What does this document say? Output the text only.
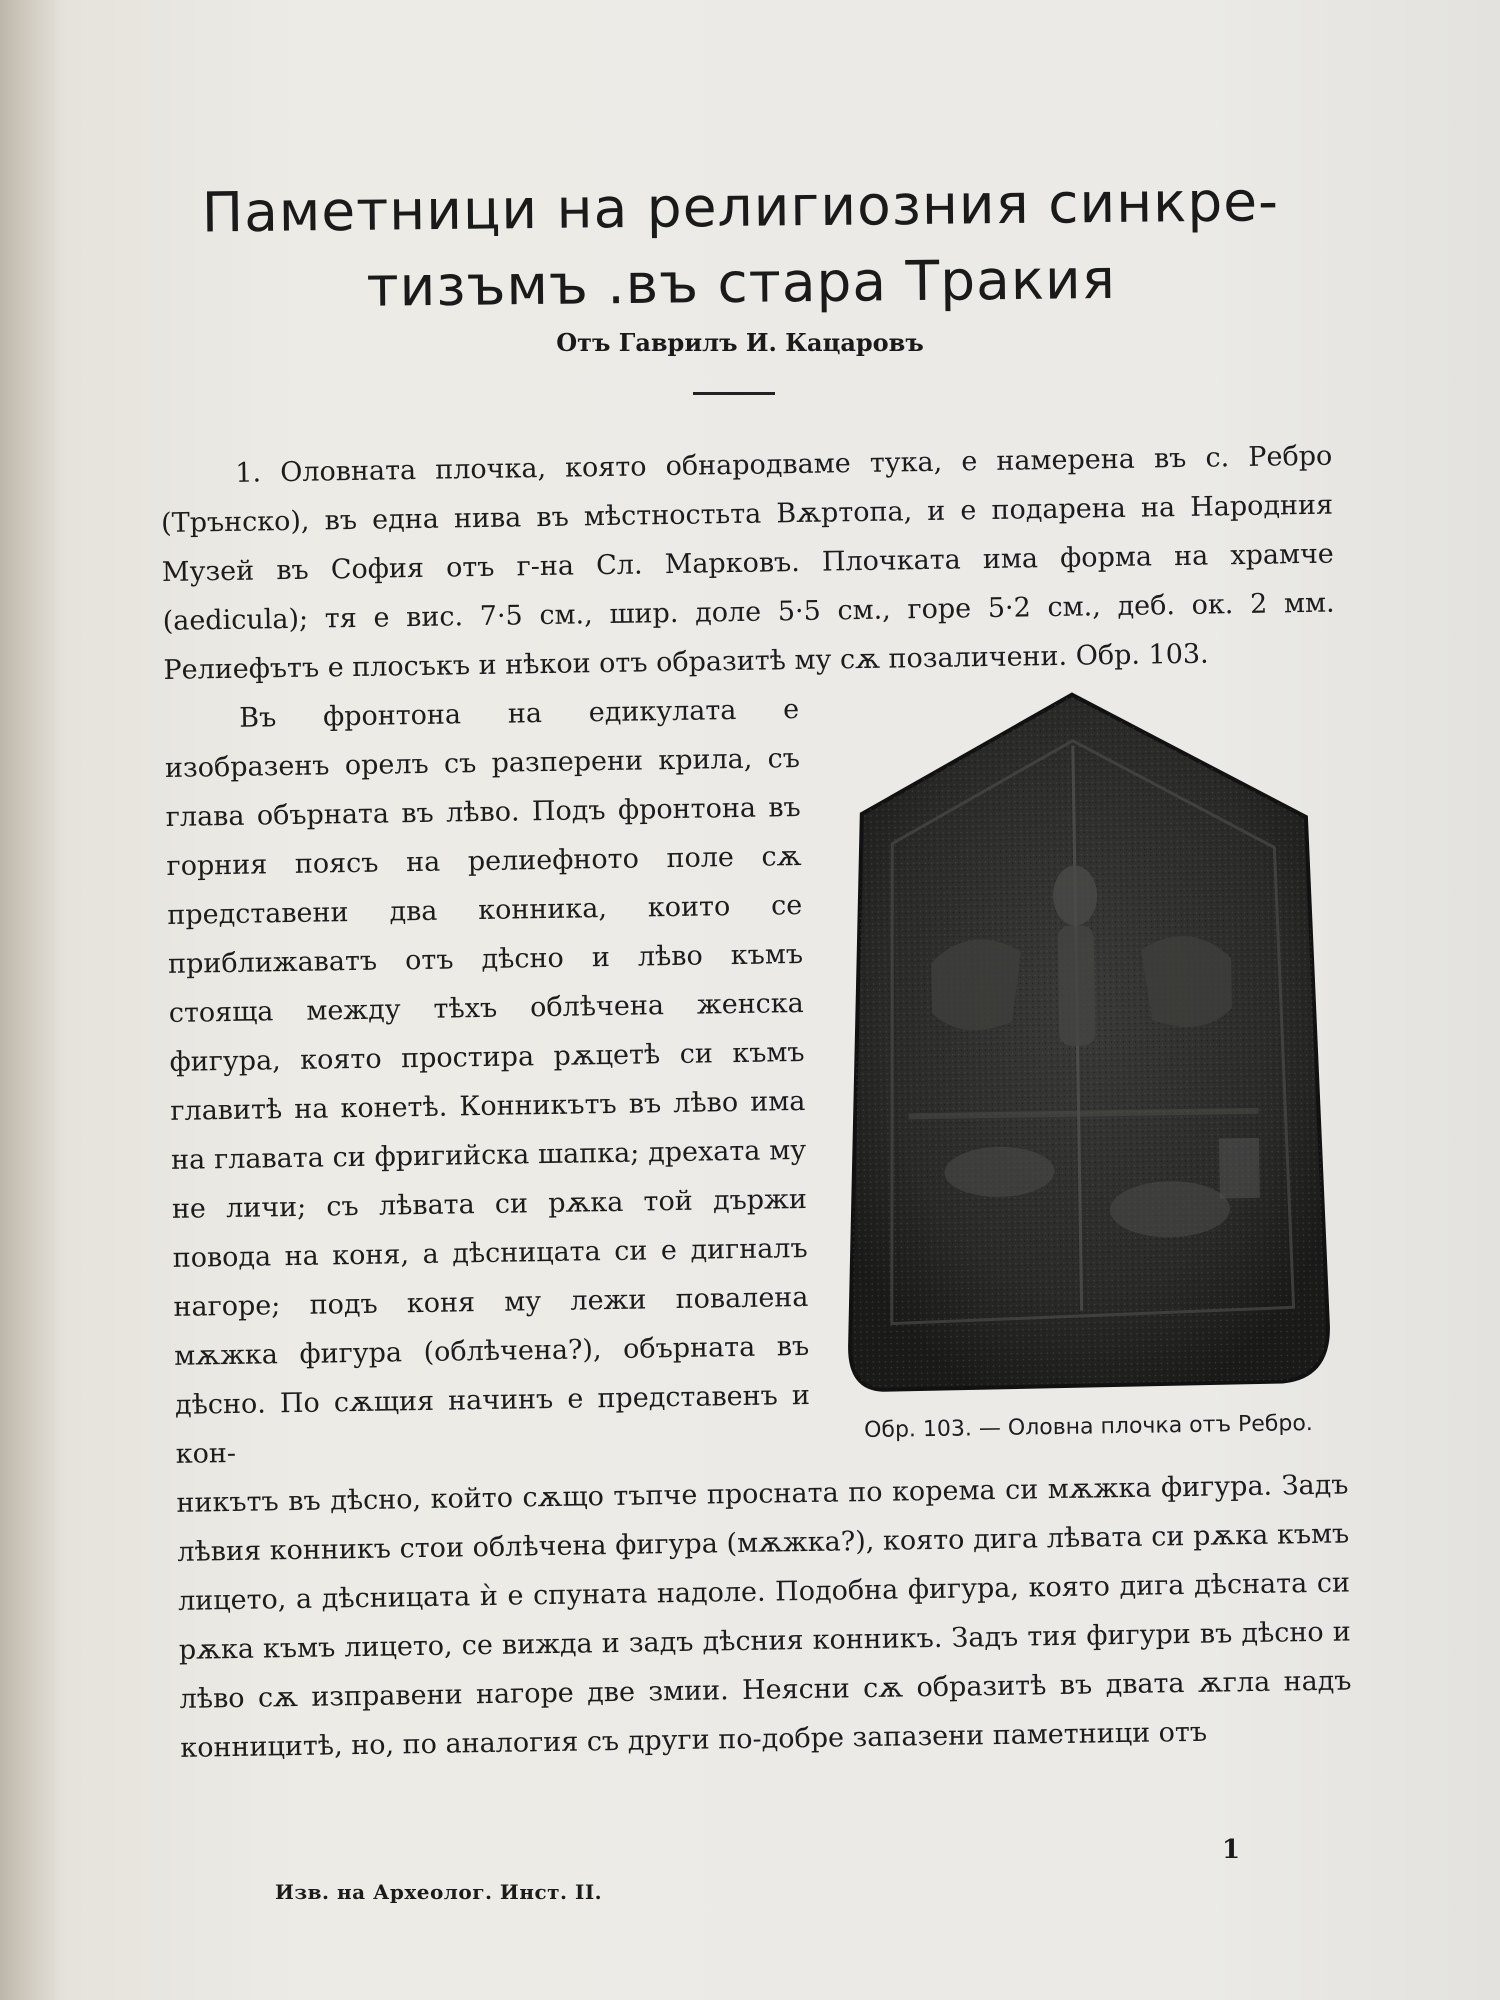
Паметници на религиозния синкре-
тизъмъ .въ стара Тракия
Отъ Гаврилъ И. Кацаровъ

1. Оловната плочка, която обнародваме тука, е намерена въ с. Ребро (Трънско), въ една нива въ мѣстностьта Вѫртопа, и е подарена на Народния Музей въ София отъ г-на Сл. Марковъ. Плочката има форма на храмче (aedicula); тя е вис. 7·5 см., шир. доле 5·5 см., горе 5·2 см., деб. ок. 2 мм. Релиефътъ е плосъкъ и нѣкои отъ образитѣ му сѫ позаличени. Обр. 103.

Въ фронтона на едикулата е изобразенъ орелъ съ разперени крила, съ глава обърната въ лѣво. Подъ фронтона въ горния поясъ на релиефното поле сѫ представени два конника, които се приближаватъ отъ дѣсно и лѣво къмъ стояща между тѣхъ облѣчена женска фигура, която простира рѫцетѣ си къмъ главитѣ на конетѣ. Конникътъ въ лѣво има на главата си фригийска шапка; дрехата му не личи; съ лѣвата си рѫка той държи повода на коня, а дѣсницата си е дигналъ нагоре; подъ коня му лежи повалена мѫжка фигура (облѣчена?), обърната въ дѣсно. По сѫщия начинъ е представенъ и кон-

Обр. 103. — Оловна плочка отъ Ребро.

никътъ въ дѣсно, който сѫщо тъпче просната по корема си мѫжка фигура. Задъ лѣвия конникъ стои облѣчена фигура (мѫжка?), която дига лѣвата си рѫка къмъ лицето, а дѣсницата ѝ е спуната надоле. Подобна фигура, която дига дѣсната си рѫка къмъ лицето, се вижда и задъ дѣсния конникъ. Задъ тия фигури въ дѣсно и лѣво сѫ изправени нагоре две змии. Неясни сѫ образитѣ въ двата ѫгла надъ конницитѣ, но, по аналогия съ други по-добре запазени паметници отъ

1
Изв. на Археолог. Инст. II.
